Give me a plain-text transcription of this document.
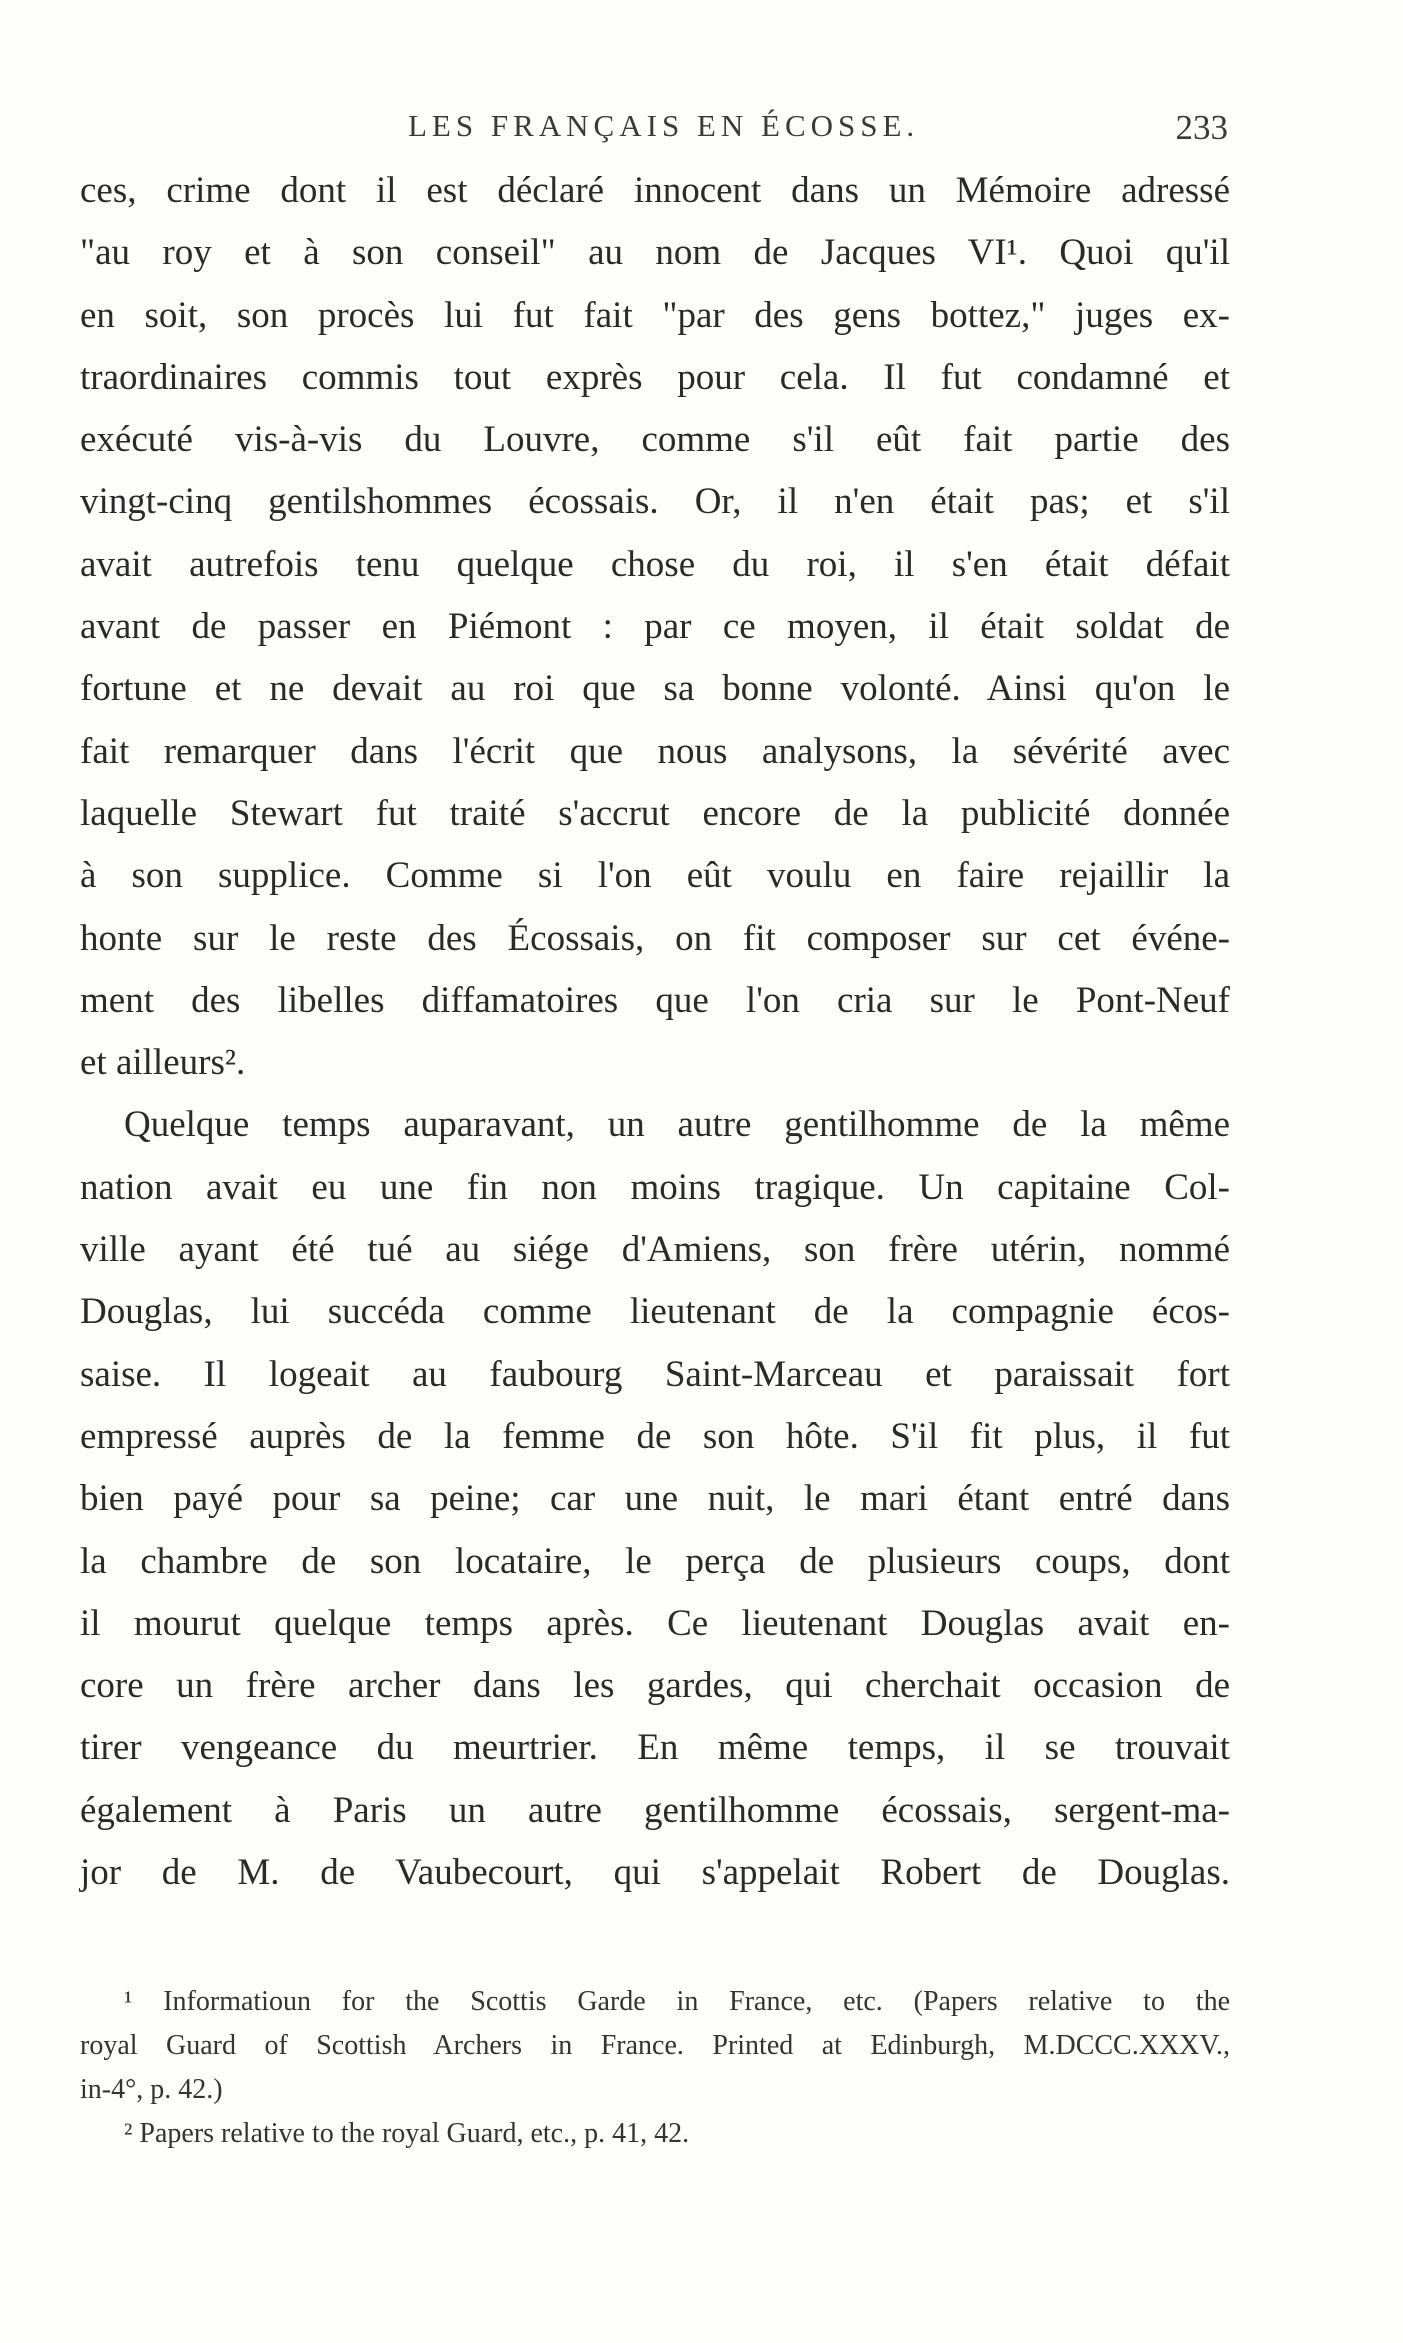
LES FRANÇAIS EN ÉCOSSE.	233
ces, crime dont il est déclaré innocent dans un Mémoire adressé
"au roy et à son conseil" au nom de Jacques VI¹. Quoi qu'il
en soit, son procès lui fut fait "par des gens bottez," juges ex-
traordinaires commis tout exprès pour cela. Il fut condamné et
exécuté vis-à-vis du Louvre, comme s'il eût fait partie des
vingt-cinq gentilshommes écossais. Or, il n'en était pas; et s'il
avait autrefois tenu quelque chose du roi, il s'en était défait
avant de passer en Piémont : par ce moyen, il était soldat de
fortune et ne devait au roi que sa bonne volonté. Ainsi qu'on le
fait remarquer dans l'écrit que nous analysons, la sévérité avec
laquelle Stewart fut traité s'accrut encore de la publicité donnée
à son supplice. Comme si l'on eût voulu en faire rejaillir la
honte sur le reste des Écossais, on fit composer sur cet événe-
ment des libelles diffamatoires que l'on cria sur le Pont-Neuf
et ailleurs².
Quelque temps auparavant, un autre gentilhomme de la même
nation avait eu une fin non moins tragique. Un capitaine Col-
ville ayant été tué au siége d'Amiens, son frère utérin, nommé
Douglas, lui succéda comme lieutenant de la compagnie écos-
saise. Il logeait au faubourg Saint-Marceau et paraissait fort
empressé auprès de la femme de son hôte. S'il fit plus, il fut
bien payé pour sa peine; car une nuit, le mari étant entré dans
la chambre de son locataire, le perça de plusieurs coups, dont
il mourut quelque temps après. Ce lieutenant Douglas avait en-
core un frère archer dans les gardes, qui cherchait occasion de
tirer vengeance du meurtrier. En même temps, il se trouvait
également à Paris un autre gentilhomme écossais, sergent-ma-
jor de M. de Vaubecourt, qui s'appelait Robert de Douglas.
¹ Informatioun for the Scottis Garde in France, etc. (Papers relative to the
royal Guard of Scottish Archers in France. Printed at Edinburgh, M.DCCC.XXXV.,
in-4°, p. 42.)
² Papers relative to the royal Guard, etc., p. 41, 42.
